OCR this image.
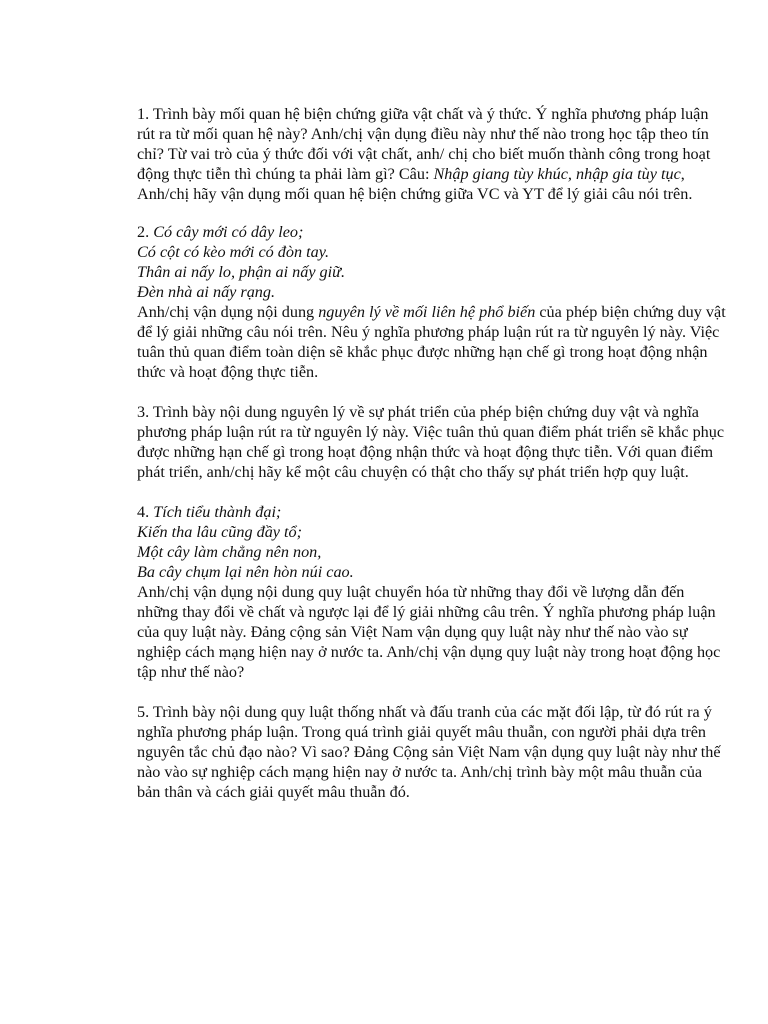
1. Trình bày mối quan hệ biện chứng giữa vật chất và ý thức. Ý nghĩa phương pháp luận rút ra từ mối quan hệ này? Anh/chị vận dụng điều này như thế nào trong học tập theo tín chỉ? Từ vai trò của ý thức đối với vật chất, anh/ chị cho biết muốn thành công trong hoạt động thực tiễn thì chúng ta phải làm gì? Câu: Nhập giang tùy khúc, nhập gia tùy tục, Anh/chị hãy vận dụng mối quan hệ biện chứng giữa VC và YT để lý giải câu nói trên.

2. Có cây mới có dây leo;

Có cột có kèo mới có đòn tay.

Thân ai nấy lo, phận ai nấy giữ.

Đèn nhà ai nấy rạng.

Anh/chị vận dụng nội dung nguyên lý về mối liên hệ phổ biến của phép biện chứng duy vật để lý giải những câu nói trên. Nêu ý nghĩa phương pháp luận rút ra từ nguyên lý này. Việc tuân thủ quan điểm toàn diện sẽ khắc phục được những hạn chế gì trong hoạt động nhận thức và hoạt động thực tiễn.

3. Trình bày nội dung nguyên lý về sự phát triển của phép biện chứng duy vật và nghĩa phương pháp luận rút ra từ nguyên lý này. Việc tuân thủ quan điểm phát triển sẽ khắc phục được những hạn chế gì trong hoạt động nhận thức và hoạt động thực tiễn. Với quan điểm phát triển, anh/chị hãy kể một câu chuyện có thật cho thấy sự phát triển hợp quy luật.

4. Tích tiểu thành đại;

Kiến tha lâu cũng đầy tổ;

Một cây làm chẳng nên non,

Ba cây chụm lại nên hòn núi cao.

Anh/chị vận dụng nội dung quy luật chuyển hóa từ những thay đổi về lượng dẫn đến những thay đổi về chất và ngược lại để lý giải những câu trên. Ý nghĩa phương pháp luận của quy luật này. Đảng cộng sản Việt Nam vận dụng quy luật này như thế nào vào sự nghiệp cách mạng hiện nay ở nước ta. Anh/chị vận dụng quy luật này trong hoạt động học tập như thế nào?

5. Trình bày nội dung quy luật thống nhất và đấu tranh của các mặt đối lập, từ đó rút ra ý nghĩa phương pháp luận. Trong quá trình giải quyết mâu thuẫn, con người phải dựa trên nguyên tắc chủ đạo nào? Vì sao? Đảng Cộng sản Việt Nam vận dụng quy luật này như thế nào vào sự nghiệp cách mạng hiện nay ở nước ta. Anh/chị trình bày một mâu thuẫn của bản thân và cách giải quyết mâu thuẫn đó.
